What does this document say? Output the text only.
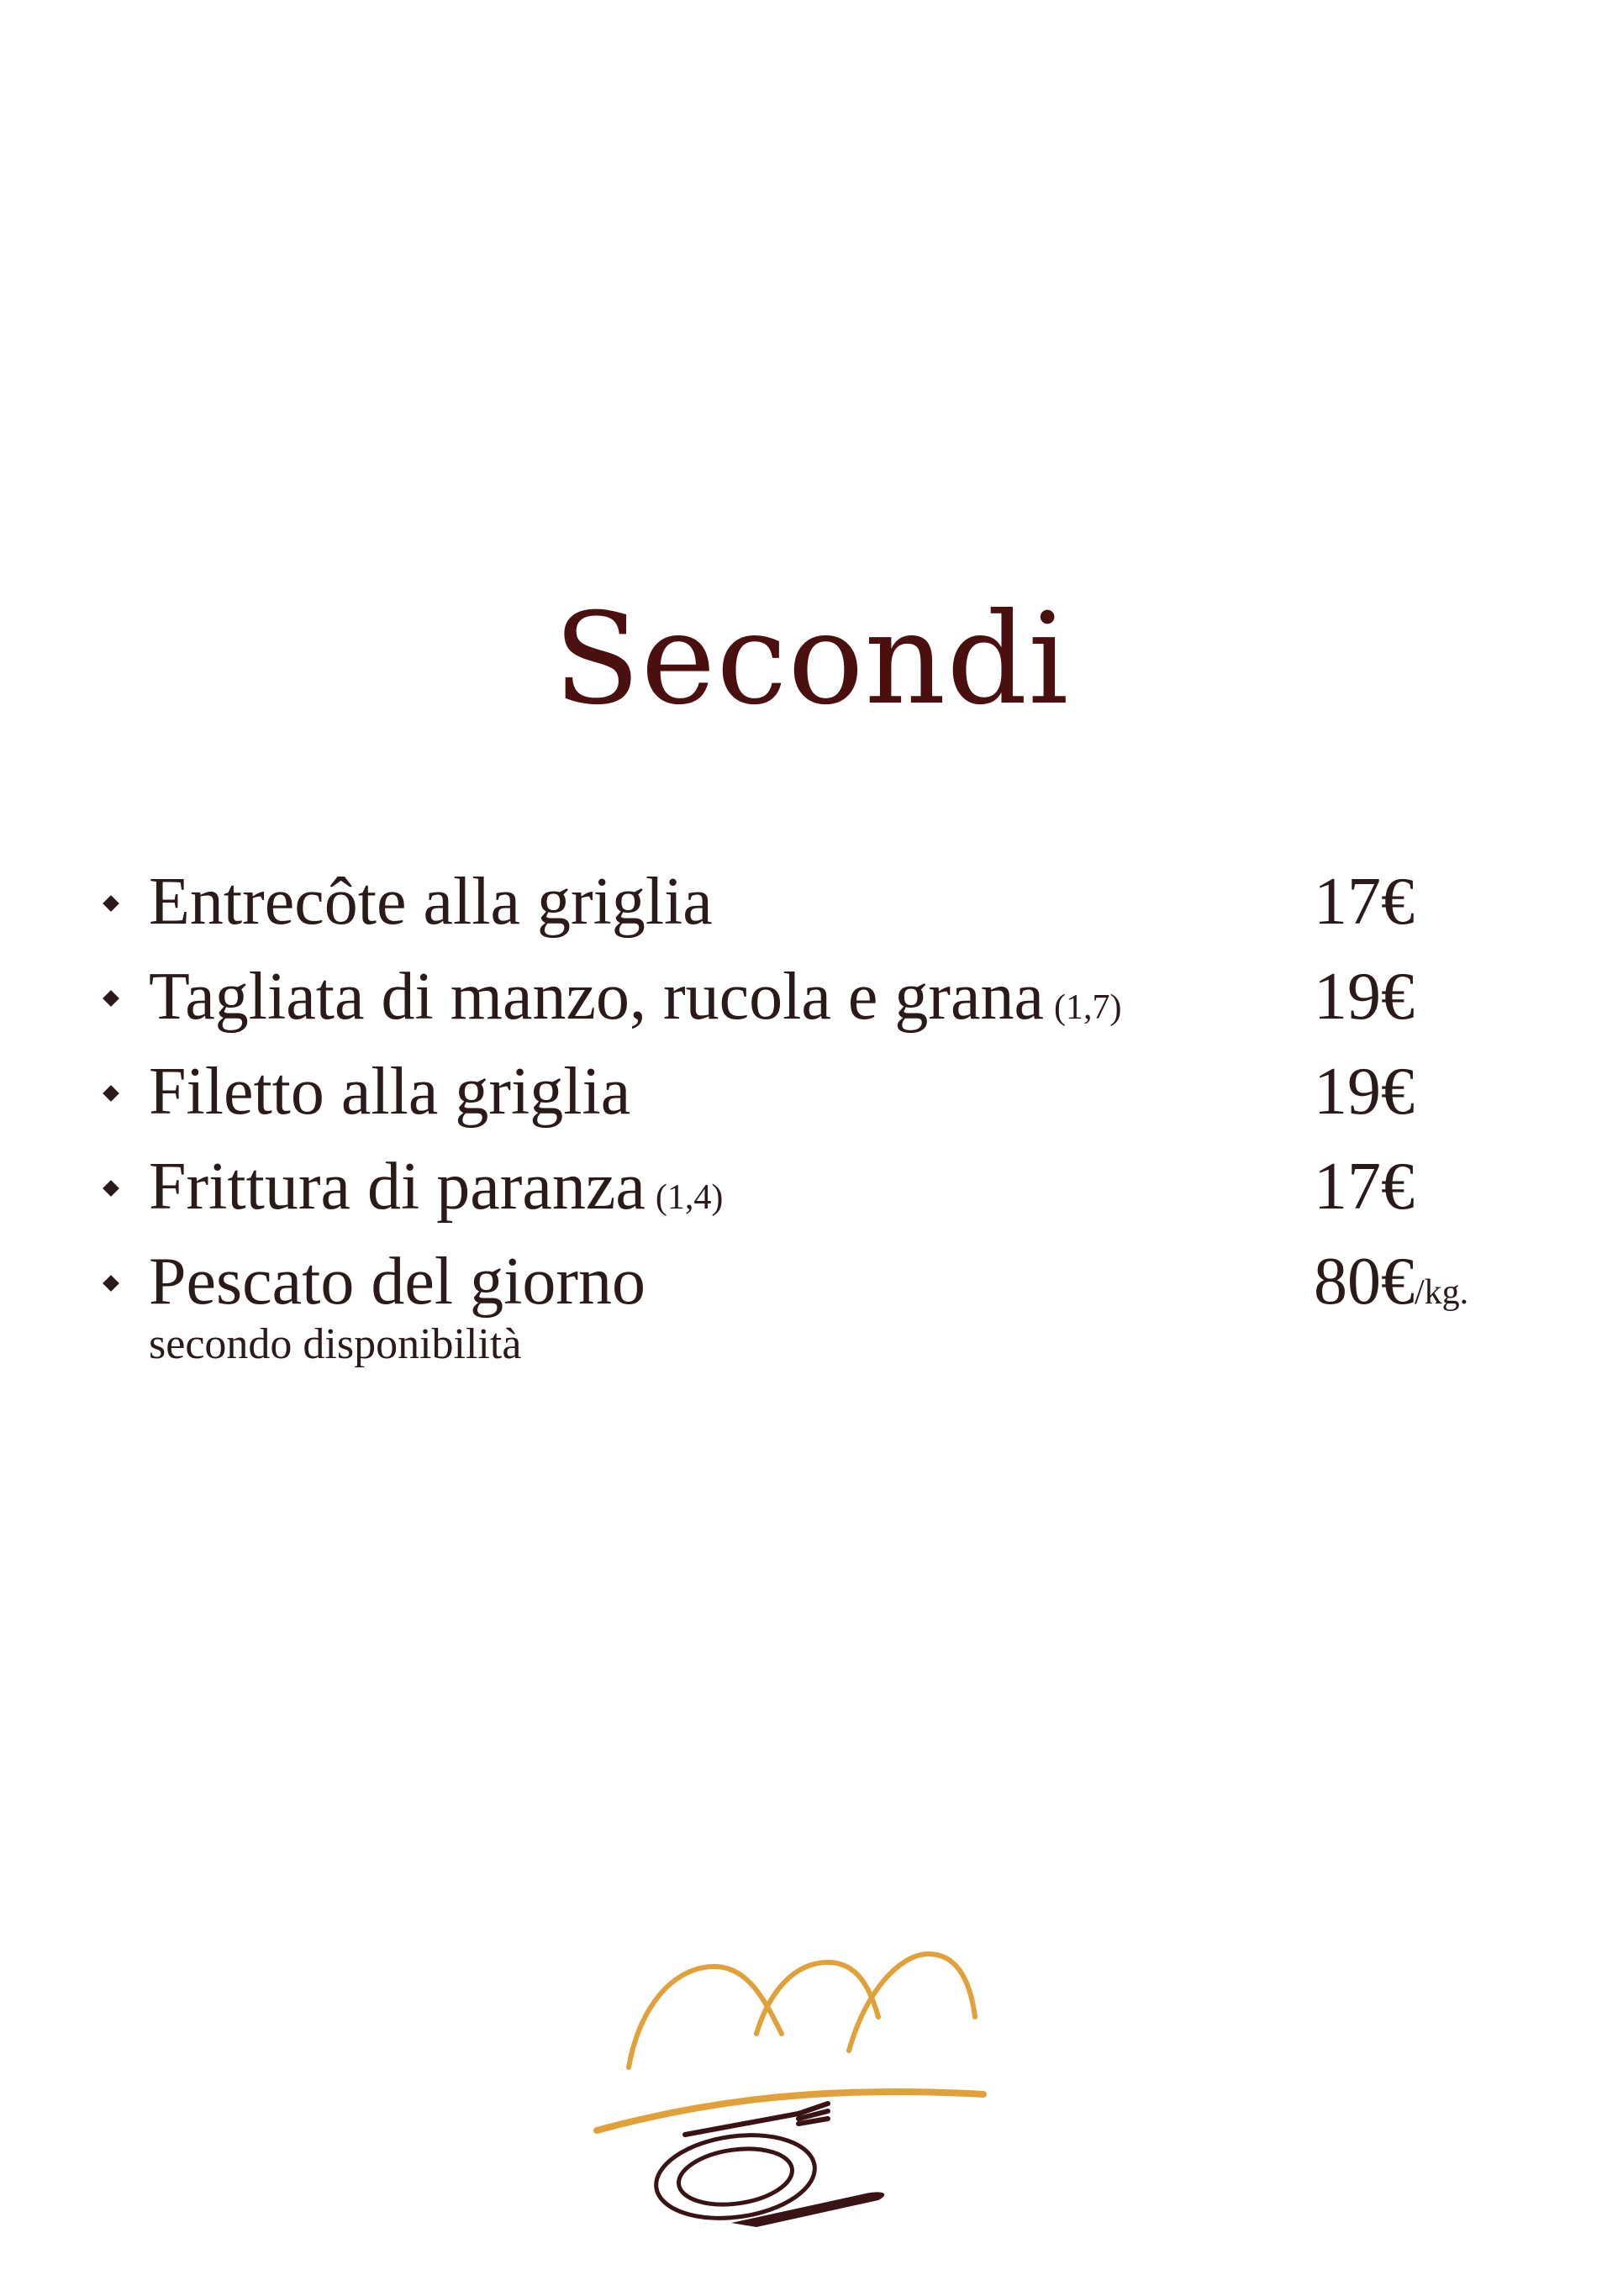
Secondi
Entrecôte alla griglia	17€
Tagliata di manzo, rucola e grana (1,7)	19€
Filetto alla griglia	19€
Frittura di paranza (1,4)	17€
Pescato del giorno	80€/kg.
secondo disponibilità
